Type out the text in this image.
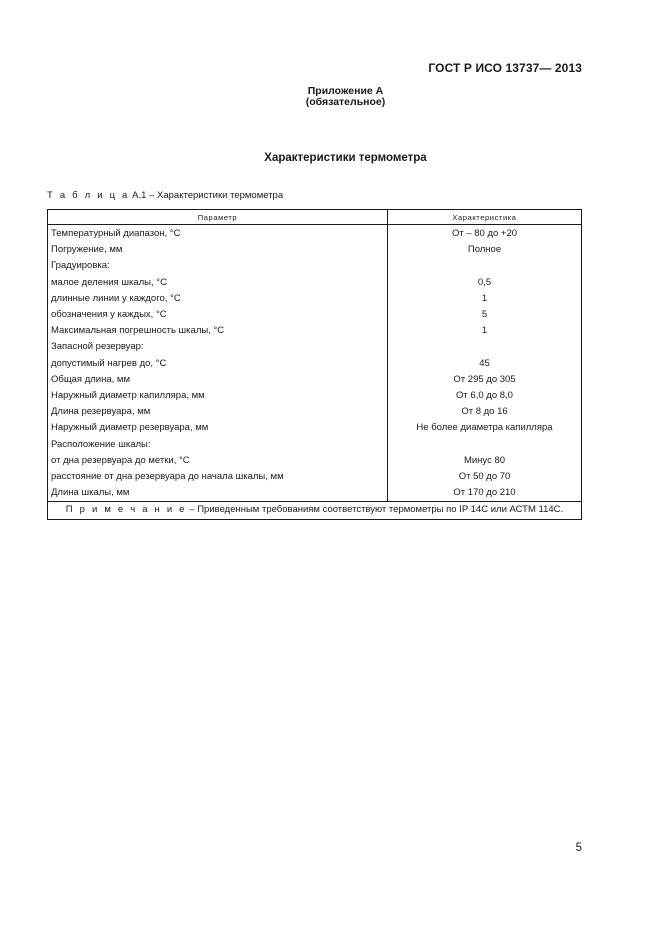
ГОСТ Р ИСО 13737— 2013
Приложение А
(обязательное)
Характеристики термометра
Т а б л и ц а А.1 – Характеристики термометра
Параметр	Характеристика
Температурный диапазон, °С	От – 80 до +20
Погружение, мм	Полное
Градуировка:	
малое деления шкалы, °С	0,5
длинные линии у каждого, °С	1
обозначения у каждых, °С	5
Максимальная погрешность шкалы, °С	1
Запасной резервуар:	
допустимый нагрев до, °С	45
Общая длина, мм	От 295 до 305
Наружный диаметр капилляра, мм	От 6,0 до 8,0
Длина резервуара, мм	От 8 до 16
Наружный диаметр резервуара, мм	Не более диаметра капилляра
Расположение шкалы:	
от дна резервуара до метки, °С	Минус 80
расстояние от дна резервуара до начала шкалы, мм	От 50 до 70
Длина шкалы, мм	От 170 до 210
П р и м е ч а н и е – Приведенным требованиям соответствуют термометры по IP 14C или АСТМ 114С.	
5
